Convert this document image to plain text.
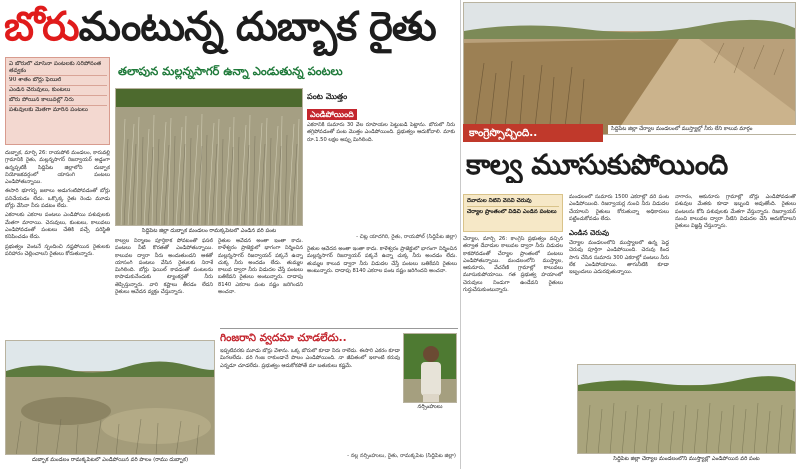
బోరుమంటున్న దుబ్బాక రైతు
ఏ బోరులో చూసినా పంటలకు సరిపోనంత తవ్వకం
90 శాతం బోర్లు ఫెయిల్
ఎండిన చెరువులు, కుంటలు
బోరు పోయిన కాలువల్లో నీరు
పశువులకు మేతగా మారిన పంటలు
తలాపున మల్లన్నసాగర్ ఉన్నా ఎండుతున్న పంటలు

దుబ్బాక, మార్చి 26: రాయపోల్ మండలం, కారువల్లి గ్రామానికి రైతు, మల్లన్నసాగర్ రిజర్వాయర్ అడ్డంగా ఉన్నప్పటికీ సిద్దిపేట జిల్లాలోని దుబ్బాక నియోజకవర్గంలో యాసంగి పంటలు ఎండిపోతున్నాయి.

ఈసారి భూగర్భ జలాలు అడుగంటిపోవడంతో బోర్లు పనిచేయడం లేదు. ఒక్కొక్క రైతు రెండు మూడు బోర్లు వేసినా నీరు పడటం లేదు.

ఎకరాలకు ఎకరాల పంటలు ఎండిపోయి పశువులకు మేతగా మారాయి. చెరువులు, కుంటలు, కాలువలు ఎండిపోవడంతో పంటలు చేతికి వచ్చే పరిస్థితి కనిపించడం లేదు.

ప్రభుత్వం వెంటనే స్పందించి నష్టపోయిన రైతులకు పరిహారం చెల్లించాలని రైతులు కోరుతున్నారు.

సిద్దిపేట జిల్లా దుబ్బాక మండలం రామక్కపేటలో ఎండిన వరి పంట
పంట మొత్తం
ఎండిపోయింది
ఎకరానికి సుమారు 30 వేల రూపాయల పెట్టుబడి పెట్టాను. బోరులో నీరు తగ్గిపోవడంతో పంట మొత్తం ఎండిపోయింది. ప్రభుత్వం ఆదుకోవాలి. మాకు రూ.1.50 లక్షల అప్పు మిగిలింది.
- చిట్ల యాదగిరి, రైతు, రాయపోల్ (సిద్దిపేట జిల్లా)
కాల్వల నిర్మాణం పూర్తికాక పోవటంతో ఫసల్ పంటలు నీటి కొరతతో ఎండిపోతున్నాయి. కాలువల ద్వారా నీరు అందుతుందని ఆశతో యాసంగి పంటలు వేసిన రైతులకు నిరాశే మిగిలింది. బోర్లు ఫెయిల్ కావడంతో పంటలను కాపాడుకునేందుకు ట్యాంకర్లతో నీరు తెప్పిస్తున్నారు. వారి కష్టాలు తీరడం లేదని రైతులు ఆవేదన వ్యక్తం చేస్తున్నారు.
రైతుల ఆవేదన అంతా ఇంతా కాదు. కాళేశ్వరం ప్రాజెక్టులో భాగంగా నిర్మించిన మల్లన్నసాగర్ రిజర్వాయర్ పక్కనే ఉన్నా చుక్క నీరు అందడం లేదు. తుమ్మల కాలువ ద్వారా నీరు విడుదల చేస్తే పంటలు బతికేవని రైతులు అంటున్నారు. దాదాపు 8140 ఎకరాల పంట నష్టం జరిగిందని అంచనా.
రైతుల ఆవేదన అంతా ఇంతా కాదు. కాళేశ్వరం ప్రాజెక్టులో భాగంగా నిర్మించిన మల్లన్నసాగర్ రిజర్వాయర్ పక్కనే ఉన్నా చుక్క నీరు అందడం లేదు. తుమ్మల కాలువ ద్వారా నీరు విడుదల చేస్తే పంటలు బతికేవని రైతులు అంటున్నారు. దాదాపు 8140 ఎకరాల పంట నష్టం జరిగిందని అంచనా.
దుబ్బాక మండలం రామక్కపేటలో ఎండిపోయిన వరి పొలం (రాము దుబ్బాక)
గింజరాని వ్వదమా చూడలేదు..
ఇప్పటివరకు మూడు బోర్లు వేశాను. ఒక్క బోరులో కూడా నీరు రాలేదు. ఈసారి ఎకరం కూడా మిగలలేదు. వరి గింజ రాకుండానే పొలం ఎండిపోయింది. నా జీవితంలో ఇలాంటి కరువు ఎన్నడూ చూడలేదు. ప్రభుత్వం ఆదుకోకపోతే మా బతుకులు కష్టమే.
నర్సింహులు
- నల్ల నర్సింహులు, రైతు, రామక్కపేట (సిద్దిపేట జిల్లా)
సిద్దిపేట జిల్లా చేర్యాల మండలంలో ముస్త్యాల్లో నీరు లేని కాలువ మార్గం
కాంగ్రెస్సొచ్చింది..
కాల్వ మూసుకుపోయింది
దేవాదుల నీటిని వేసవి చెరువు
చేర్యాల ప్రాంతంలో విడిచి ఎండిన పంటలు
చేర్యాల, మార్చి 26: కాంగ్రెస్ ప్రభుత్వం వచ్చిన తర్వాత దేవాదుల కాలువల ద్వారా నీరు విడుదల కాకపోవడంతో చేర్యాల ప్రాంతంలో పంటలు ఎండిపోతున్నాయి. మండలంలోని ముస్త్యాల, ఆకునూరు, వేచరేణి గ్రామాల్లో కాలువలు మూసుకుపోయాయి. గత ప్రభుత్వ హయాంలో చెరువులు నిండుగా ఉండేవని రైతులు గుర్తుచేసుకుంటున్నారు.
మండలంలో సుమారు 1500 ఎకరాల్లో వరి పంట ఎండిపోయింది. రిజర్వాయర్ల నుంచి నీరు విడుదల చేయాలని రైతులు కోరుతున్నా అధికారులు పట్టించుకోవడం లేదు.
ఎండిన చెరువు
చేర్యాల మండలంలోని ముస్త్యాలలో ఉన్న పెద్ద చెరువు పూర్తిగా ఎండిపోయింది. చెరువు కింద సాగు చేసిన సుమారు 300 ఎకరాల్లో పంటలు నీరు లేక ఎండిపోయాయి. తాగునీటికి కూడా ఇబ్బందులు ఎదురవుతున్నాయి.
నాగారం, ఆకునూరు గ్రామాల్లో బోర్లు ఎండిపోవడంతో పశువుల మేతకు కూడా ఇబ్బంది అవుతోంది. రైతులు పంటలను కోసి పశువులకు మేతగా వేస్తున్నారు. రిజర్వాయర్ నుంచి కాలువల ద్వారా నీటిని విడుదల చేసి ఆదుకోవాలని రైతులు విజ్ఞప్తి చేస్తున్నారు.
సిద్దిపేట జిల్లా చేర్యాల మండలంలోని ముస్త్యాల్లో ఎండిపోయిన వరి పంట
